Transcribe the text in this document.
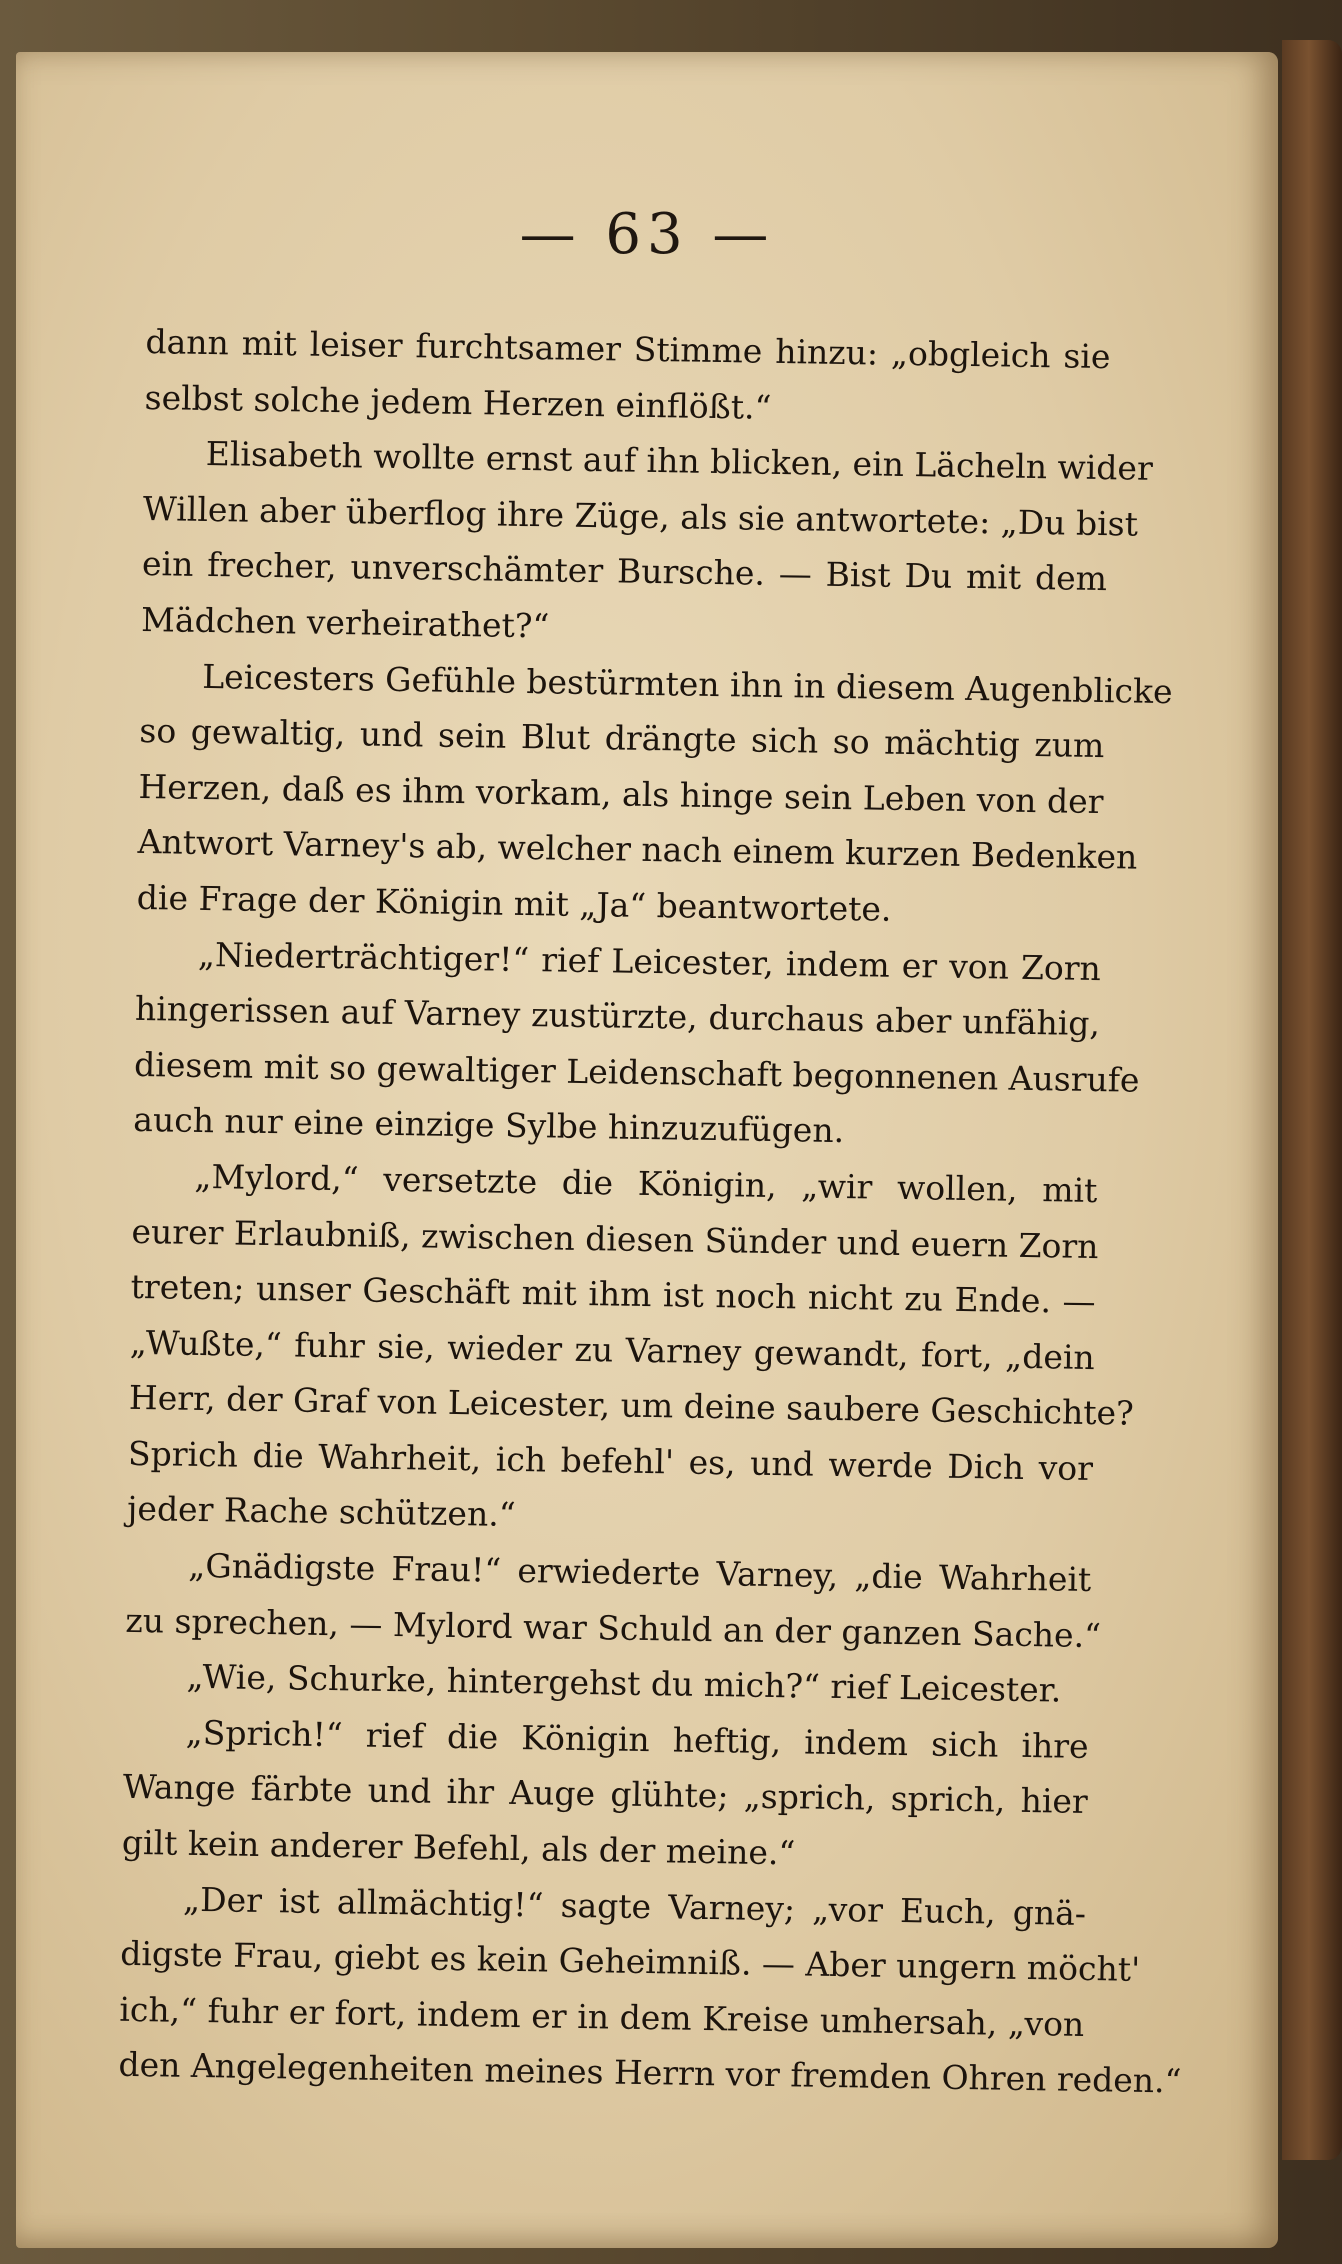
— 63 —
dann mit leiser furchtsamer Stimme hinzu: „obgleich sie
selbst solche jedem Herzen einflößt.“
Elisabeth wollte ernst auf ihn blicken, ein Lächeln wider
Willen aber überflog ihre Züge, als sie antwortete: „Du bist
ein frecher, unverschämter Bursche. — Bist Du mit dem
Mädchen verheirathet?“
Leicesters Gefühle bestürmten ihn in diesem Augenblicke
so gewaltig, und sein Blut drängte sich so mächtig zum
Herzen, daß es ihm vorkam, als hinge sein Leben von der
Antwort Varney's ab, welcher nach einem kurzen Bedenken
die Frage der Königin mit „Ja“ beantwortete.
„Niederträchtiger!“ rief Leicester, indem er von Zorn
hingerissen auf Varney zustürzte, durchaus aber unfähig,
diesem mit so gewaltiger Leidenschaft begonnenen Ausrufe
auch nur eine einzige Sylbe hinzuzufügen.
„Mylord,“ versetzte die Königin, „wir wollen, mit
eurer Erlaubniß, zwischen diesen Sünder und euern Zorn
treten; unser Geschäft mit ihm ist noch nicht zu Ende. —
„Wußte,“ fuhr sie, wieder zu Varney gewandt, fort, „dein
Herr, der Graf von Leicester, um deine saubere Geschichte?
Sprich die Wahrheit, ich befehl' es, und werde Dich vor
jeder Rache schützen.“
„Gnädigste Frau!“ erwiederte Varney, „die Wahrheit
zu sprechen, — Mylord war Schuld an der ganzen Sache.“
„Wie, Schurke, hintergehst du mich?“ rief Leicester.
„Sprich!“ rief die Königin heftig, indem sich ihre
Wange färbte und ihr Auge glühte; „sprich, sprich, hier
gilt kein anderer Befehl, als der meine.“
„Der ist allmächtig!“ sagte Varney; „vor Euch, gnä-
digste Frau, giebt es kein Geheimniß. — Aber ungern möcht'
ich,“ fuhr er fort, indem er in dem Kreise umhersah, „von
den Angelegenheiten meines Herrn vor fremden Ohren reden.“
